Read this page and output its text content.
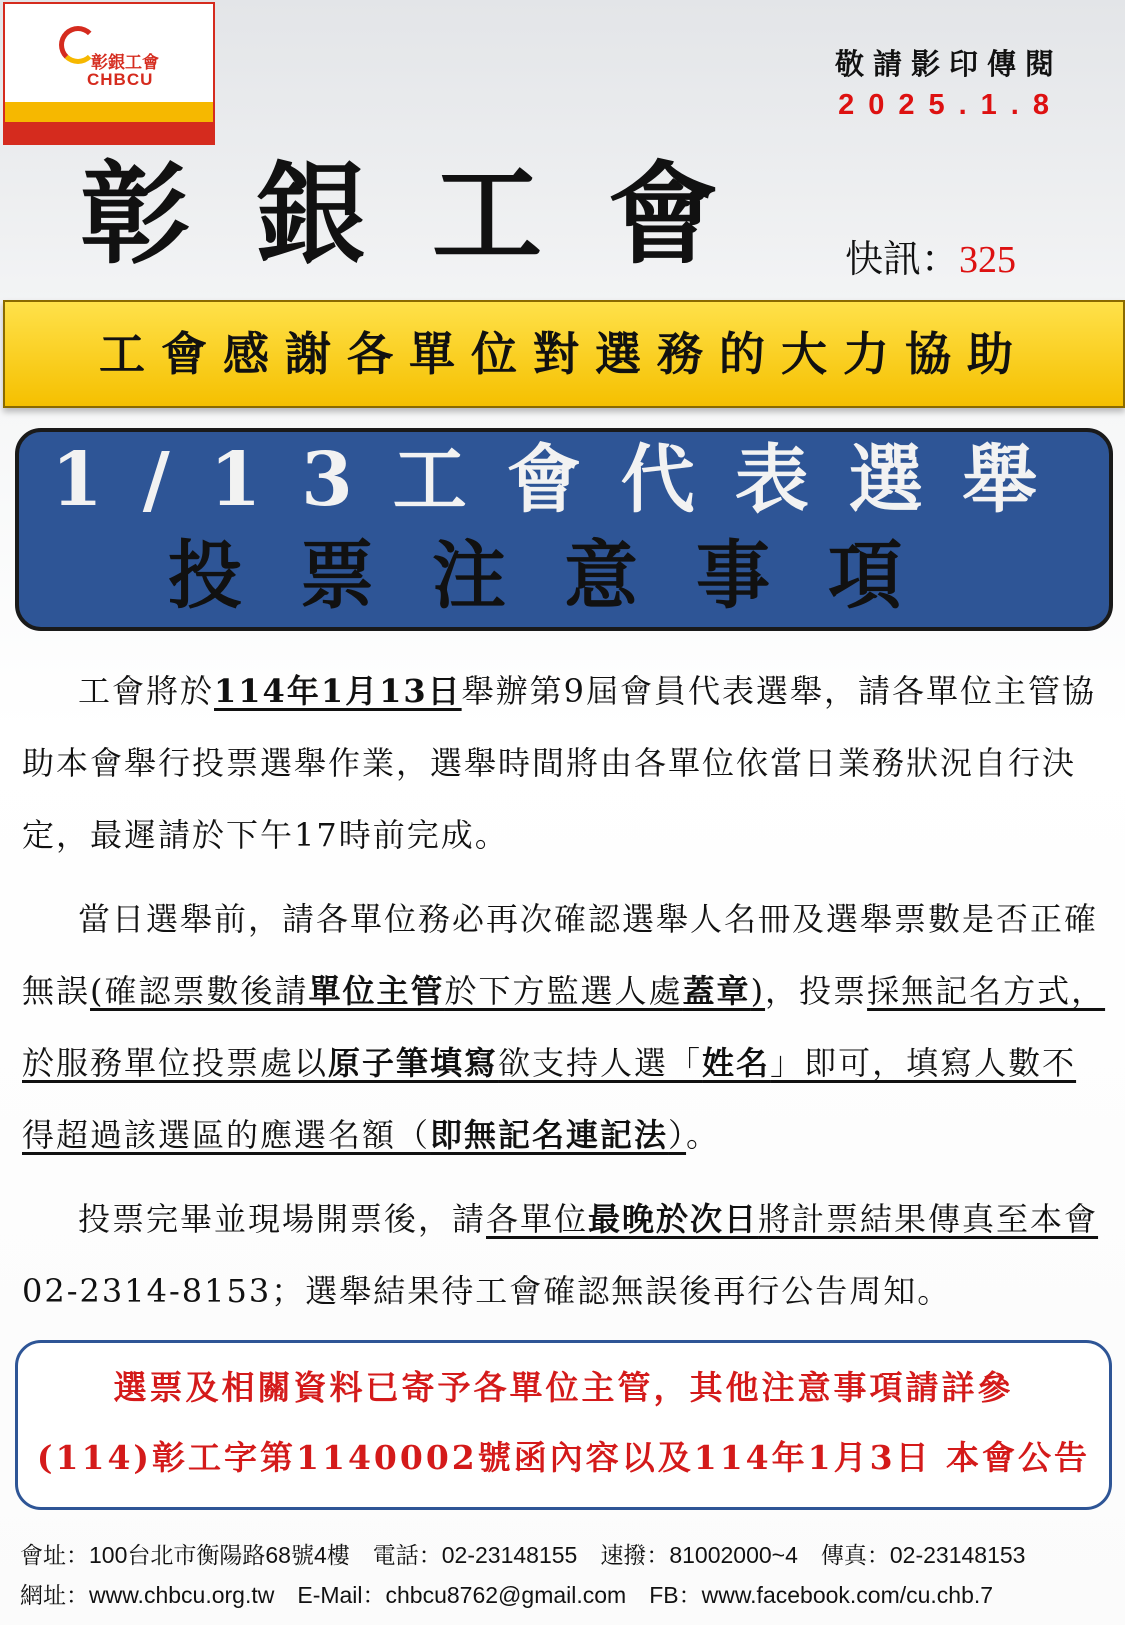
彰銀工會
CHBCU	敬請影印傳閱
2025.1.8
彰銀工會 快訊：325
工會感謝各單位對選務的大力協助
1/13工會代表選舉
投票注意事項

工會將於114年1月13日舉辦第9屆會員代表選舉，請各單位主管協助本會舉行投票選舉作業，選舉時間將由各單位依當日業務狀況自行決定，最遲請於下午17時前完成。

當日選舉前，請各單位務必再次確認選舉人名冊及選舉票數是否正確無誤(確認票數後請單位主管於下方監選人處蓋章)，投票採無記名方式，於服務單位投票處以原子筆填寫欲支持人選「姓名」即可，填寫人數不得超過該選區的應選名額（即無記名連記法）。

投票完畢並現場開票後，請各單位最晚於次日將計票結果傳真至本會 02-2314-8153；選舉結果待工會確認無誤後再行公告周知。

選票及相關資料已寄予各單位主管，其他注意事項請詳參
(114)彰工字第1140002號函內容以及114年1月3日 本會公告
會址：100台北市衡陽路68號4樓　電話：02-23148155　速撥：81002000~4　傳真：02-23148153
網址：www.chbcu.org.tw　E-Mail：chbcu8762@gmail.com　FB：www.facebook.com/cu.chb.7
